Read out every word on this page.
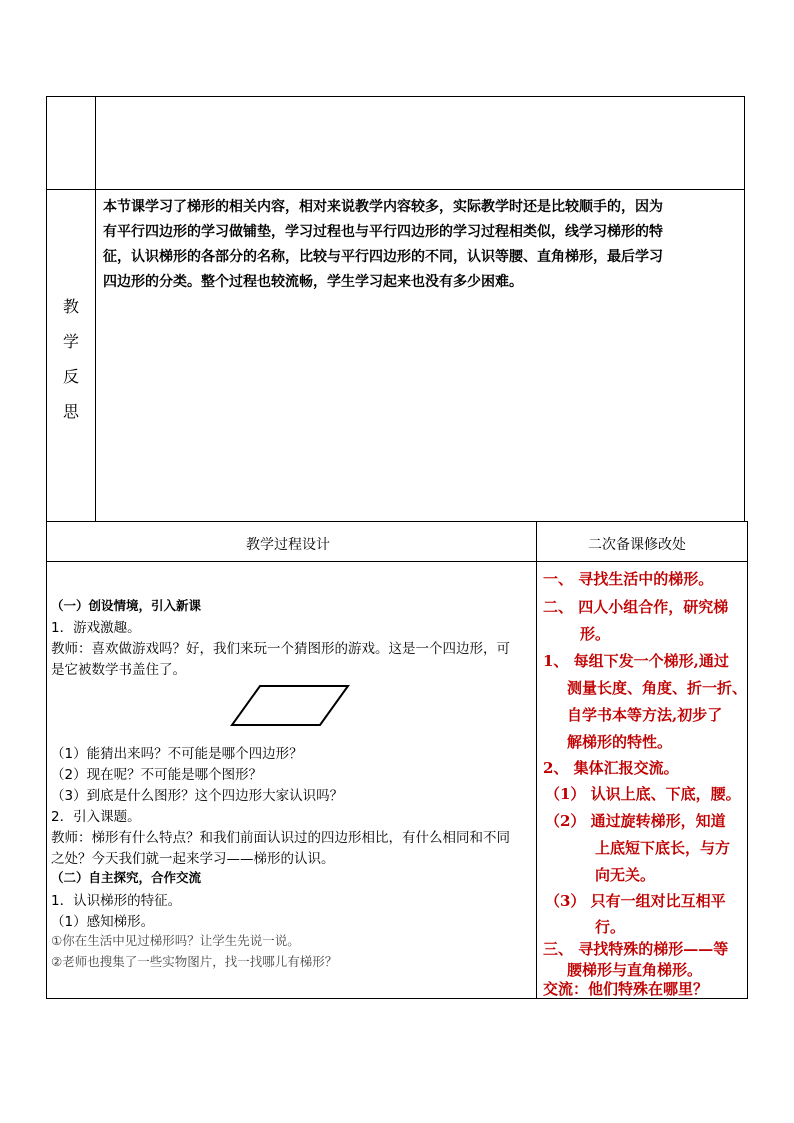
教
学
反
思
本节课学习了梯形的相关内容，相对来说教学内容较多，实际教学时还是比较顺手的，因为
有平行四边形的学习做铺垫，学习过程也与平行四边形的学习过程相类似，线学习梯形的特
征，认识梯形的各部分的名称，比较与平行四边形的不同，认识等腰、直角梯形，最后学习
四边形的分类。整个过程也较流畅，学生学习起来也没有多少困难。
教学过程设计	二次备课修改处
（一）创设情境，引入新课
1．游戏激趣。
教师：喜欢做游戏吗？好，我们来玩一个猜图形的游戏。这是一个四边形，可
是它被数学书盖住了。
（1）能猜出来吗？不可能是哪个四边形？
（2）现在呢？不可能是哪个图形？
（3）到底是什么图形？这个四边形大家认识吗？
2．引入课题。
教师：梯形有什么特点？和我们前面认识过的四边形相比，有什么相同和不同
之处？今天我们就一起来学习——梯形的认识。
（二）自主探究，合作交流
1．认识梯形的特征。
（1）感知梯形。
①你在生活中见过梯形吗？让学生先说一说。
②老师也搜集了一些实物图片，找一找哪儿有梯形？
一、 寻找生活中的梯形。
二、 四人小组合作，研究梯
形。
1、 每组下发一个梯形,通过
测量长度、角度、折一折、
自学书本等方法,初步了
解梯形的特性。
2、 集体汇报交流。
（1） 认识上底、下底，腰。
（2） 通过旋转梯形，知道
上底短下底长，与方
向无关。
（3） 只有一组对比互相平
行。
三、 寻找特殊的梯形——等
腰梯形与直角梯形。
交流：他们特殊在哪里？
